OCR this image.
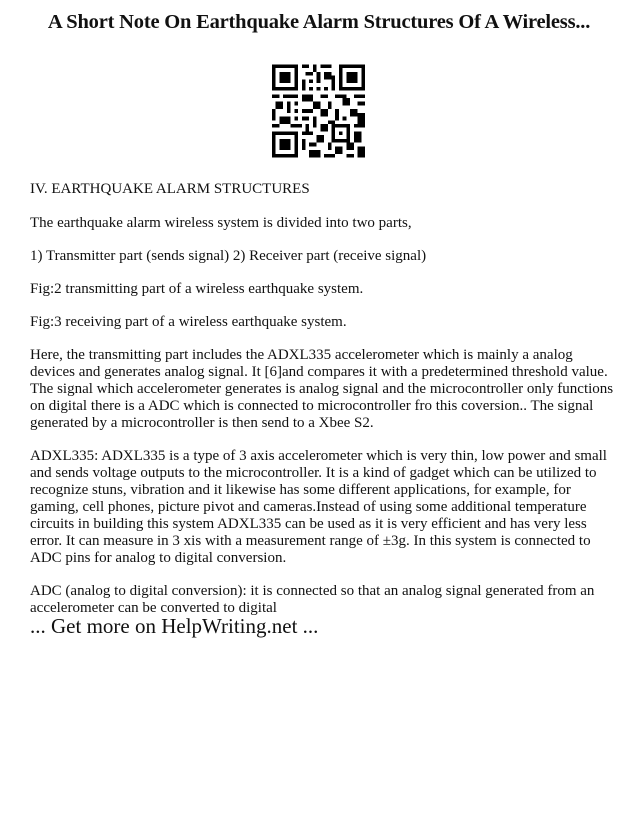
A Short Note On Earthquake Alarm Structures Of A Wireless...

IV. EARTHQUAKE ALARM STRUCTURES

The earthquake alarm wireless system is divided into two parts,

1) Transmitter part (sends signal) 2) Receiver part (receive signal)

Fig:2 transmitting part of a wireless earthquake system.

Fig:3 receiving part of a wireless earthquake system.

Here, the transmitting part includes the ADXL335 accelerometer which is mainly a analog devices and generates analog signal. It [6]and compares it with a predetermined threshold value. The signal which accelerometer generates is analog signal and the microcontroller only functions on digital there is a ADC which is connected to microcontroller fro this coversion.. The signal generated by a microcontroller is then send to a Xbee S2.

ADXL335: ADXL335 is a type of 3 axis accelerometer which is very thin, low power and small and sends voltage outputs to the microcontroller. It is a kind of gadget which can be utilized to recognize stuns, vibration and it likewise has some different applications, for example, for gaming, cell phones, picture pivot and cameras.Instead of using some additional temperature circuits in building this system ADXL335 can be used as it is very efficient and has very less error. It can measure in 3 xis with a measurement range of ±3g. In this system is connected to ADC pins for analog to digital conversion.

ADC (analog to digital conversion): it is connected so that an analog signal generated from an accelerometer can be converted to digital

... Get more on HelpWriting.net ...
